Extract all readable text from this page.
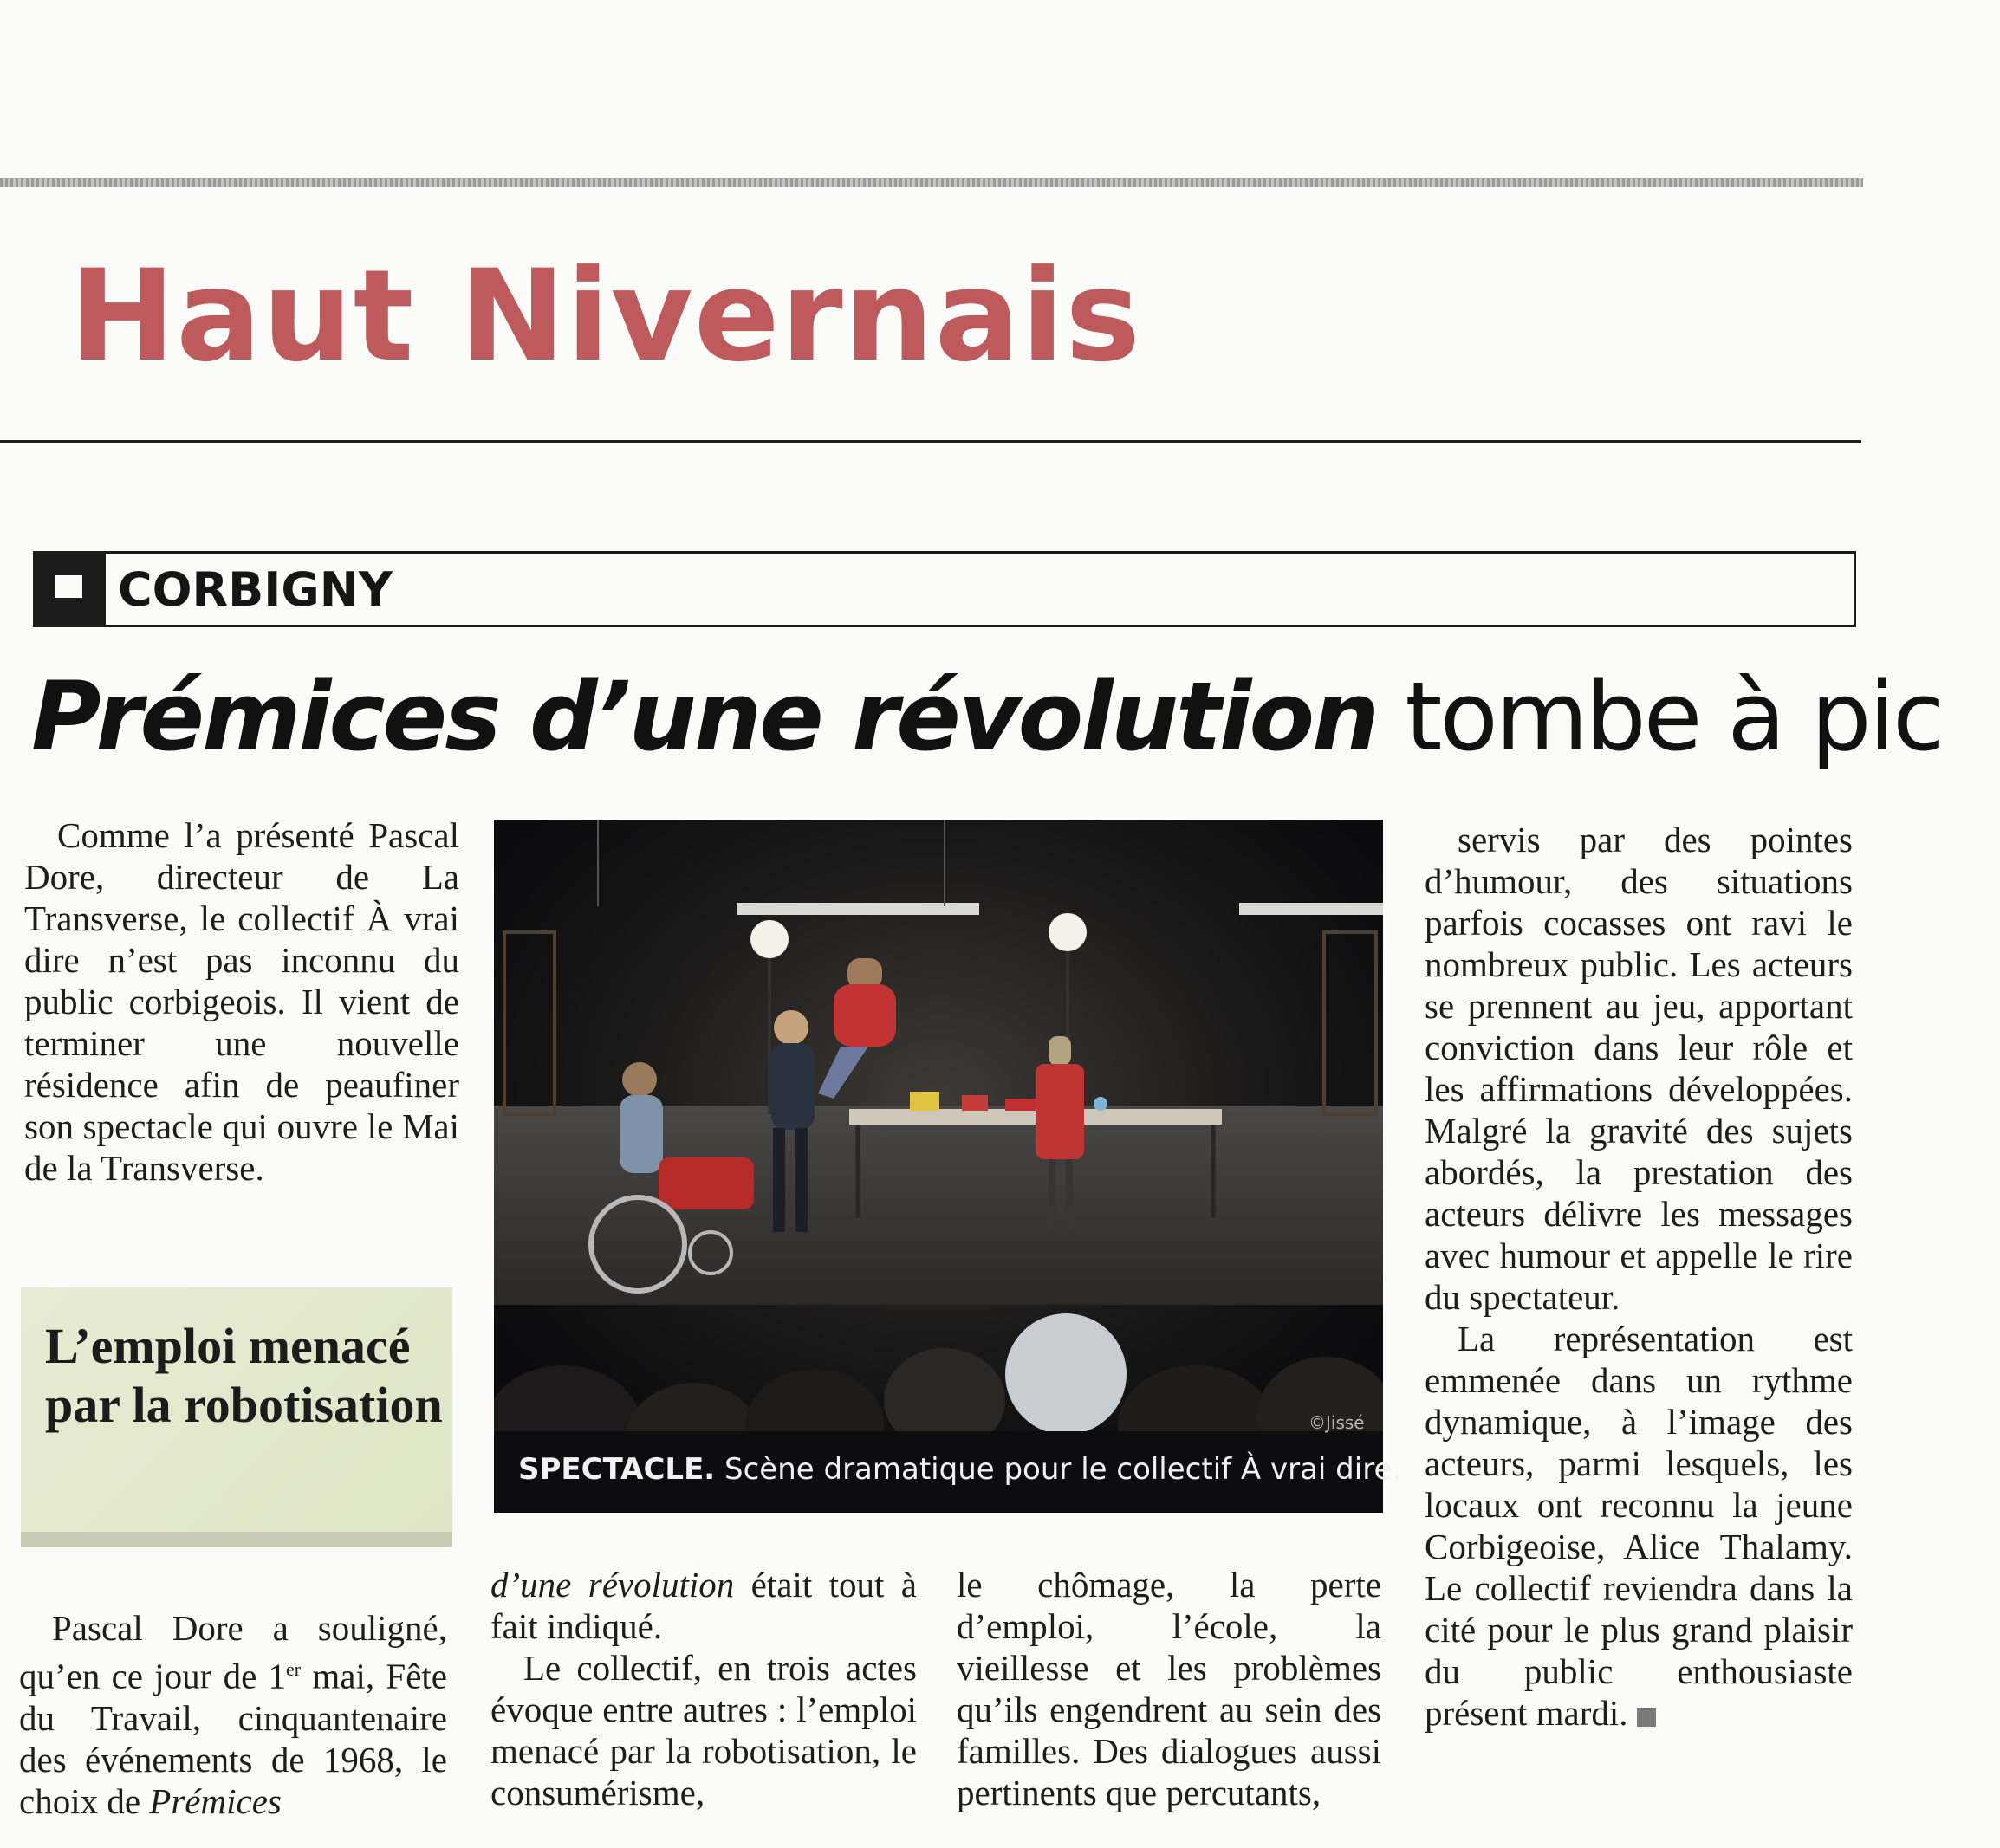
Haut Nivernais
CORBIGNY
Prémices d’une révolution tombe à pic

Comme l’a présenté Pascal Dore, directeur de La Transverse, le collectif À vrai dire n’est pas inconnu du public corbigeois. Il vient de terminer une nouvelle résidence afin de peaufiner son spectacle qui ouvre le Mai de la Transverse.

L’emploi menacé par la robotisation	©Jissé
SPECTACLE. Scène dramatique pour le collectif À vrai dire.

Pascal Dore a souligné, qu’en ce jour de 1er mai, Fête du Travail, cinquantenaire des événements de 1968, le choix de Prémices

d’une révolution était tout à fait indiqué.

Le collectif, en trois actes évoque entre autres : l’emploi menacé par la robotisation, le consumérisme,

le chômage, la perte d’emploi, l’école, la vieillesse et les problèmes qu’ils engendrent au sein des familles. Des dialogues aussi pertinents que percutants,

servis par des pointes d’humour, des situations parfois cocasses ont ravi le nombreux public. Les acteurs se prennent au jeu, apportant conviction dans leur rôle et les affirmations développées. Malgré la gravité des sujets abordés, la prestation des acteurs délivre les messages avec humour et appelle le rire du spectateur.

La représentation est emmenée dans un rythme dynamique, à l’image des acteurs, parmi lesquels, les locaux ont reconnu la jeune Corbigeoise, Alice Thalamy. Le collectif reviendra dans la cité pour le plus grand plaisir du public enthousiaste présent mardi.
